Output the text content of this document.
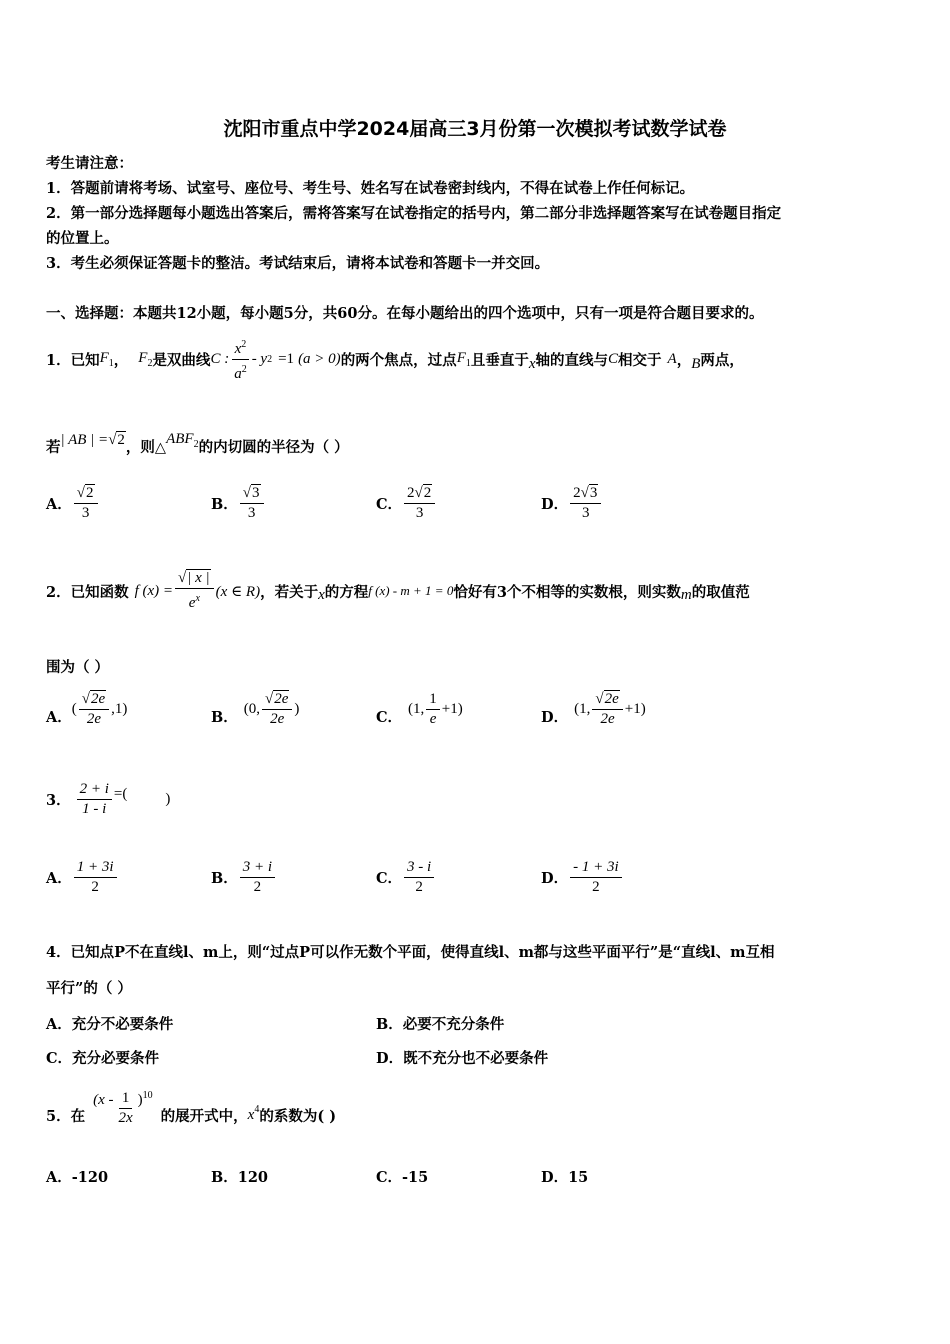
沈阳市重点中学2024届高三3月份第一次模拟考试数学试卷
考生请注意：
1．答题前请将考场、试室号、座位号、考生号、姓名写在试卷密封线内，不得在试卷上作任何标记。
2．第一部分选择题每小题选出答案后，需将答案写在试卷指定的括号内，第二部分非选择题答案写在试卷题目指定
的位置上。
3．考生必须保证答题卡的整洁。考试结束后，请将本试卷和答题卡一并交回。
一、选择题：本题共12小题，每小题5分，共60分。在每小题给出的四个选项中，只有一项是符合题目要求的。
1．已知 $F_1$ ， $F_2$ 是双曲线 C : $\frac{x^2}{a^2}$ - y 2 =1 (a > 0) 的两个焦点，过点 $F_1$ 且垂直于 x 轴的直线与 C 相交于 A ， B 两点，
若 | AB | =√2 ，则△ $ABF_2$ 的内切圆的半径为（ ）
A． $\frac{√2}{3}$	B． $\frac{√3}{3}$	C． $\frac{2√2}{3}$	D． $\frac{2√3}{3}$
2．已知函数 f $(x) = \frac{√| x |}{e^x} (x$ ∈ R) ，若关于 x 的方程 f (x) - m + 1 = 0 恰好有3个不相等的实数根，则实数 m 的取值范
围为（ ）
A． ( $\frac{√2e}{2e} ,1$)	B． (0, $\frac{√2e}{2e}$ )	C． (1, $\frac{1}{e} +1$)	D． (1, $\frac{√2e}{2e} +1$)
3． $\frac{2 + i}{1 - i}$ =(	)
A． $\frac{1 + 3i}{2}$	B． $\frac{3 + i}{2}$	C． $\frac{3 - i}{2}$	D． $\frac{- 1 + 3i}{2}$
4．已知点P不在直线l、m上，则“过点P可以作无数个平面，使得直线l、m都与这些平面平行”是“直线l、m互相
平行”的（ ）
A．充分不必要条件	B．必要不充分条件
C．充分必要条件	D．既不充分也不必要条件
5．在
$(x - \frac{1}{2x} )^{10}$
的展开式中， $x^4$ 的系数为( )
A．-120	B．120	C．-15	D．15
